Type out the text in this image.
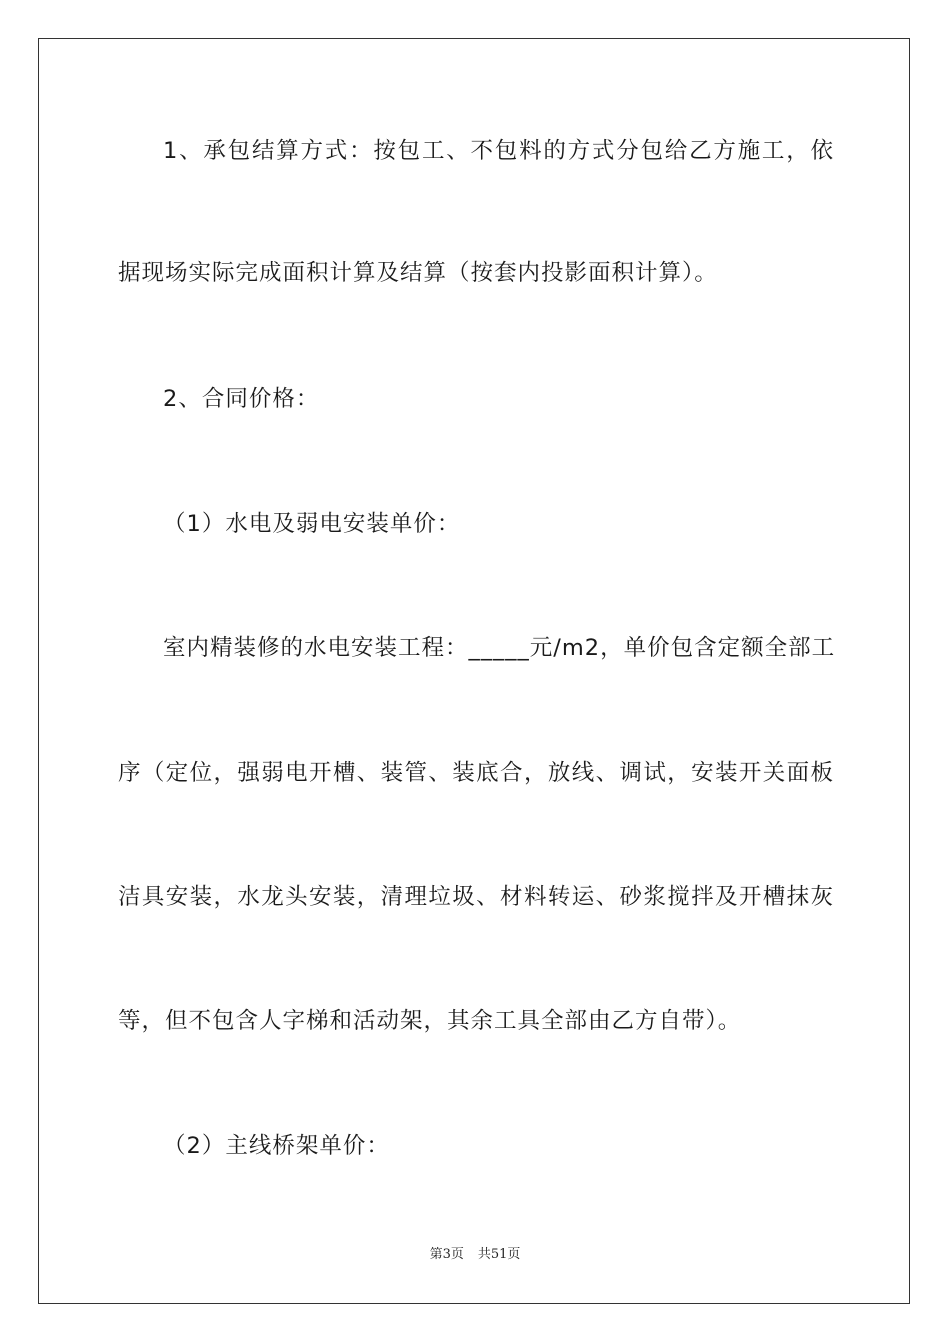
1、承包结算方式：按包工、不包料的方式分包给乙方施工，依
据现场实际完成面积计算及结算（按套内投影面积计算）。
2、合同价格：
（1）水电及弱电安装单价：
室内精装修的水电安装工程：_____元/m2，单价包含定额全部工
序（定位，强弱电开槽、装管、装底合，放线、调试，安装开关面板
洁具安装，水龙头安装，清理垃圾、材料转运、砂浆搅拌及开槽抹灰
等，但不包含人字梯和活动架，其余工具全部由乙方自带）。
（2）主线桥架单价：
第3页 共51页
